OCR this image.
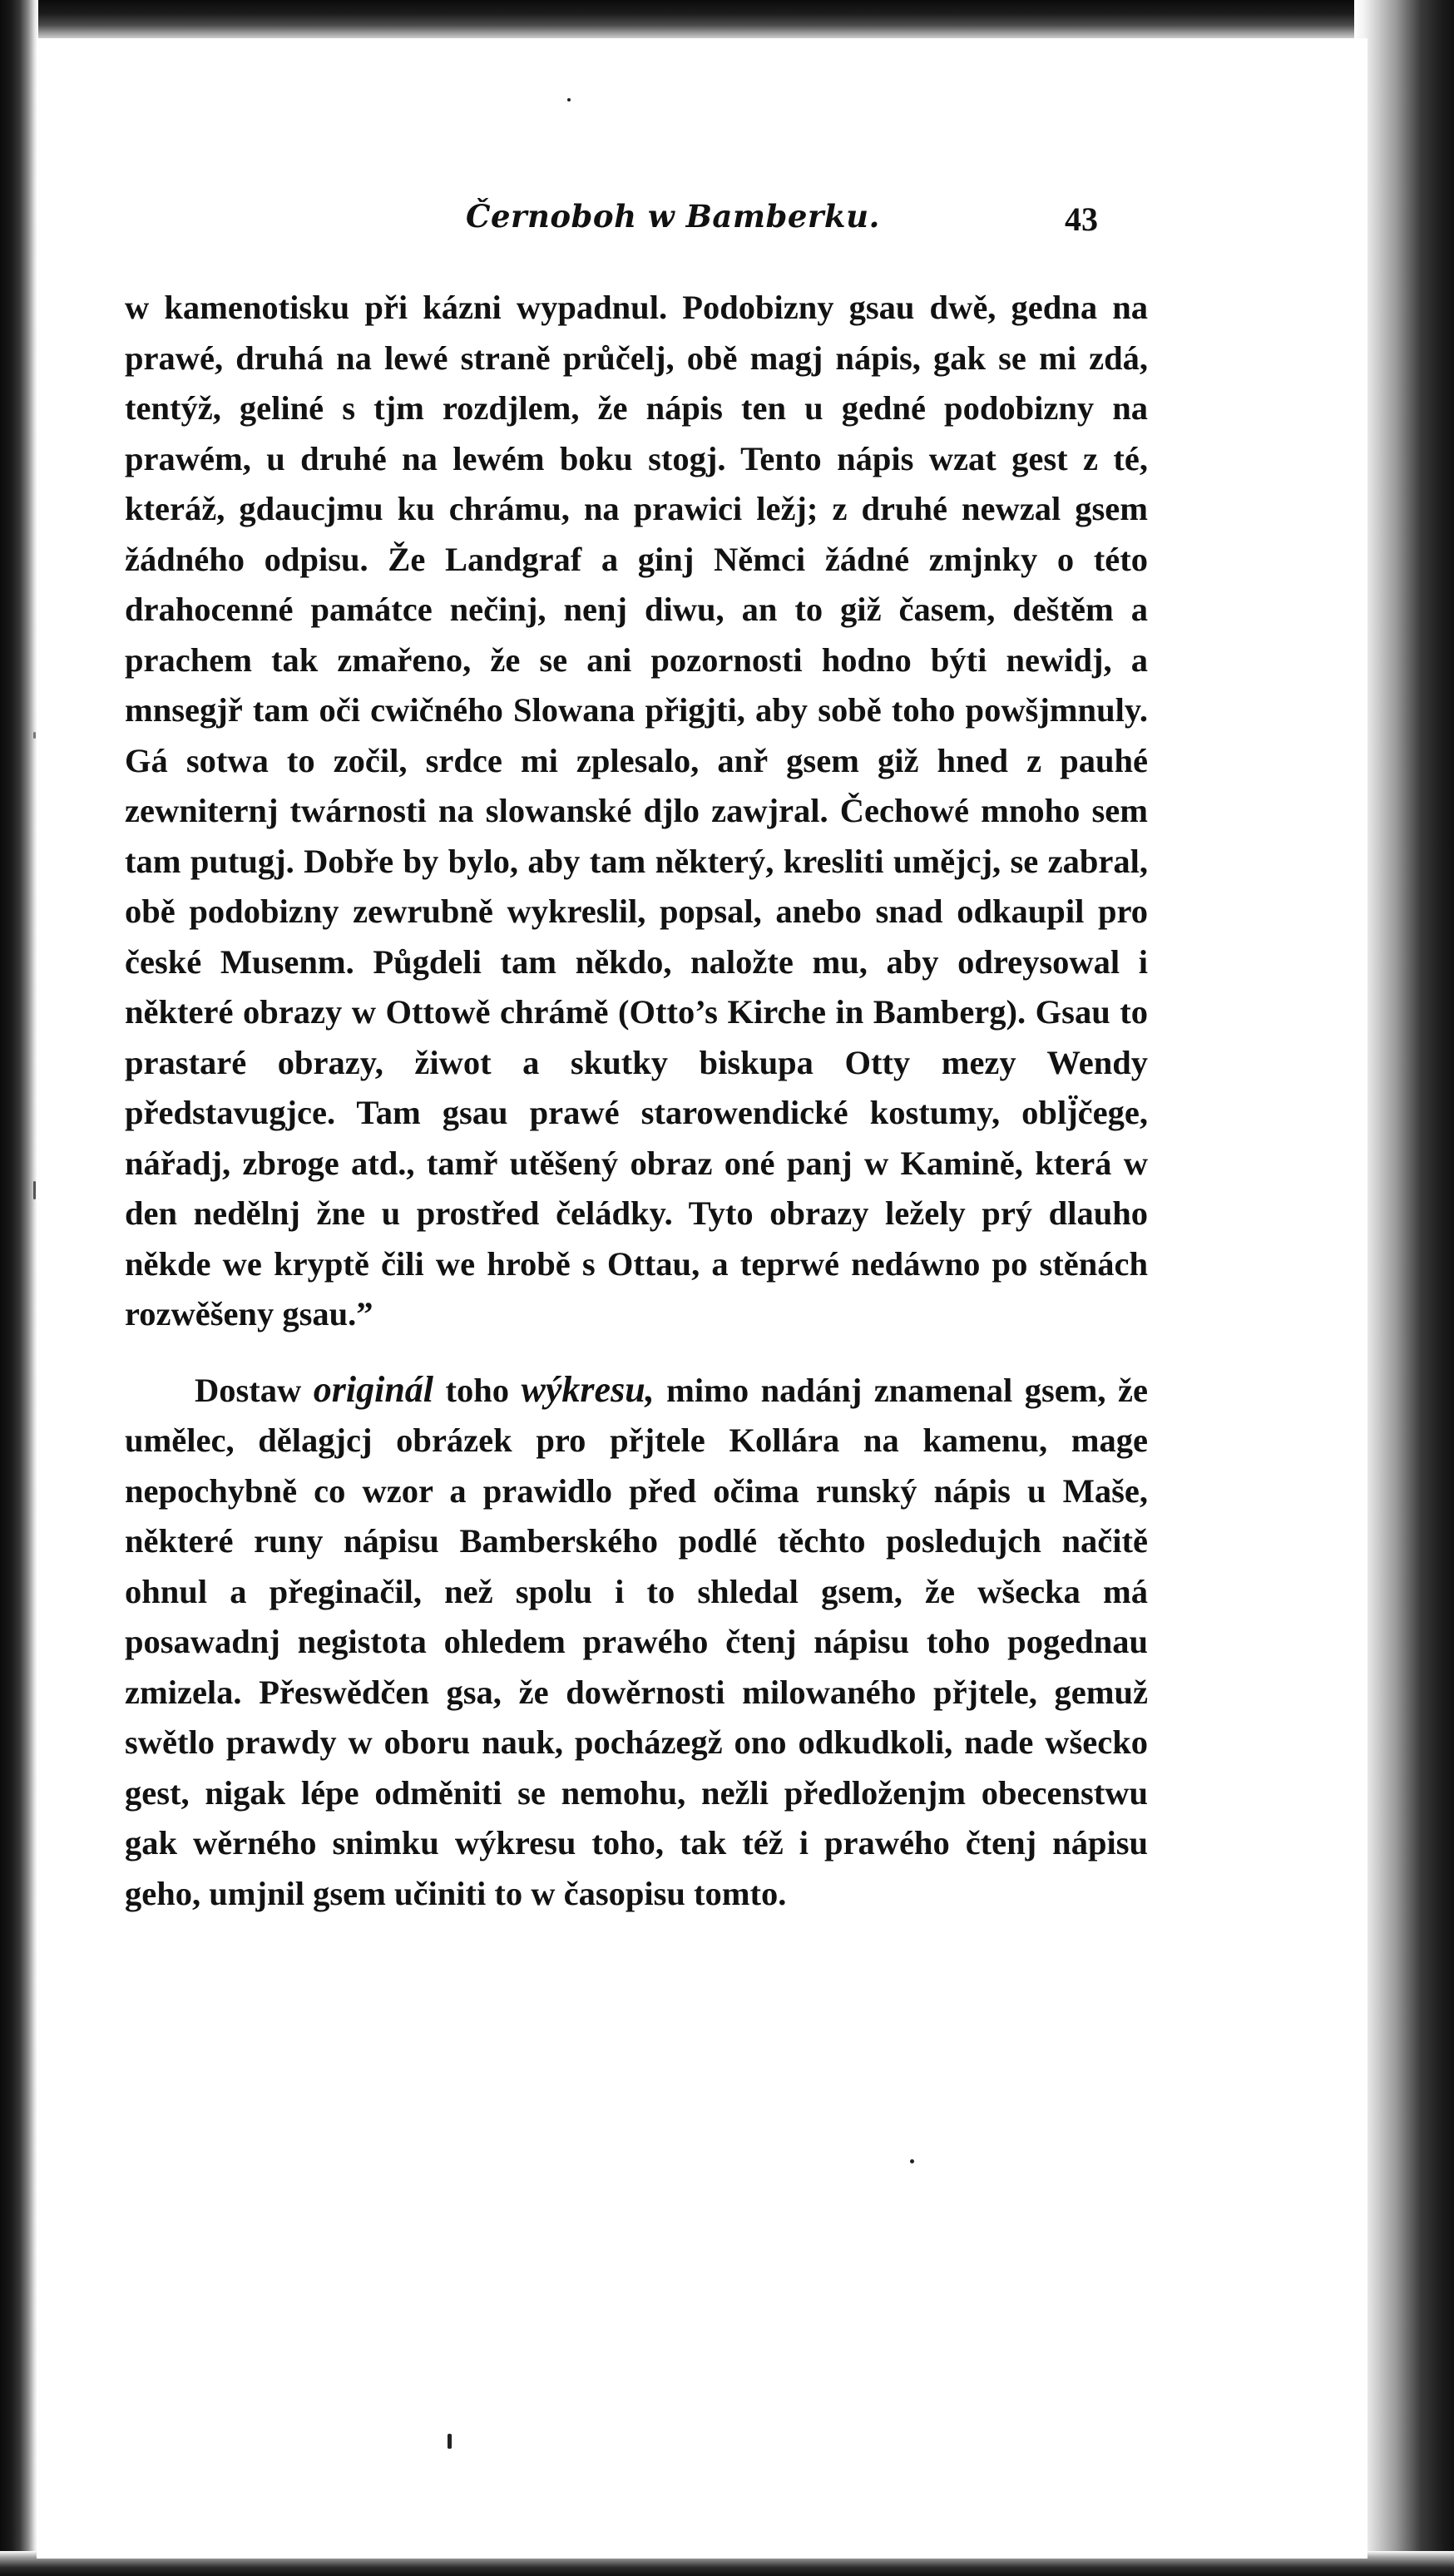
Černoboh w Bamberku.	43

w kamenotisku při kázni wypadnul. Podobizny gsau dwě, gedna na prawé, druhá na lewé straně průčelj, obě magj nápis, gak se mi zdá, tentýž, geliné s tjm rozdjlem, že nápis ten u gedné podobizny na prawém, u druhé na lewém boku stogj. Tento nápis wzat gest z té, kteráž, gdaucjmu ku chrámu, na prawici ležj; z druhé newzal gsem žádného odpisu. Že Landgraf a ginj Němci žádné zmjnky o této drahocenné památce nečinj, nenj diwu, an to giž časem, deštěm a prachem tak zmařeno, že se ani pozornosti hodno býti newidj, a mnsegjř tam oči cwičného Slowana přigjti, aby sobě toho powšjmnuly. Gá sotwa to zočil, srdce mi zplesalo, anř gsem giž hned z pauhé zewniternj twárnosti na slowanské djlo zawjral. Čechowé mnoho sem tam putugj. Dobře by bylo, aby tam některý, kresliti umějcj, se zabral, obě podobizny zewrubně wykreslil, popsal, anebo snad odkaupil pro české Musenm. Půgdeli tam někdo, naložte mu, aby odreysowal i některé obrazy w Ottowě chrámě (Otto’s Kirche in Bamberg). Gsau to prastaré obrazy, žiwot a skutky biskupa Otty mezy Wendy představugjce. Tam gsau prawé starowendické kostumy, oblj̈čege, nářadj, zbroge atd., tamř utěšený obraz oné panj w Kamině, která w den nedělnj žne u prostřed čeládky. Tyto obrazy ležely prý dlauho někde we kryptě čili we hrobě s Ottau, a teprwé nedáwno po stěnách rozwěšeny gsau.”

Dostaw originál toho wýkresu, mimo nadánj znamenal gsem, že umělec, dělagjcj obrázek pro přjtele Kollára na kamenu, mage nepochybně co wzor a prawidlo před očima runský nápis u Maše, některé runy nápisu Bamberského podlé těchto posledujch načitě ohnul a přeginačil, než spolu i to shledal gsem, že wšecka má posawadnj negistota ohledem prawého čtenj nápisu toho pogednau zmizela. Přeswědčen gsa, že dowěrnosti milowaného přjtele, gemuž swětlo prawdy w oboru nauk, pocházegž ono odkudkoli, nade wšecko gest, nigak lépe odměniti se nemohu, nežli předloženjm obecenstwu gak wěrného snimku wýkresu toho, tak též i prawého čtenj nápisu geho, umjnil gsem učiniti to w časopisu tomto.
